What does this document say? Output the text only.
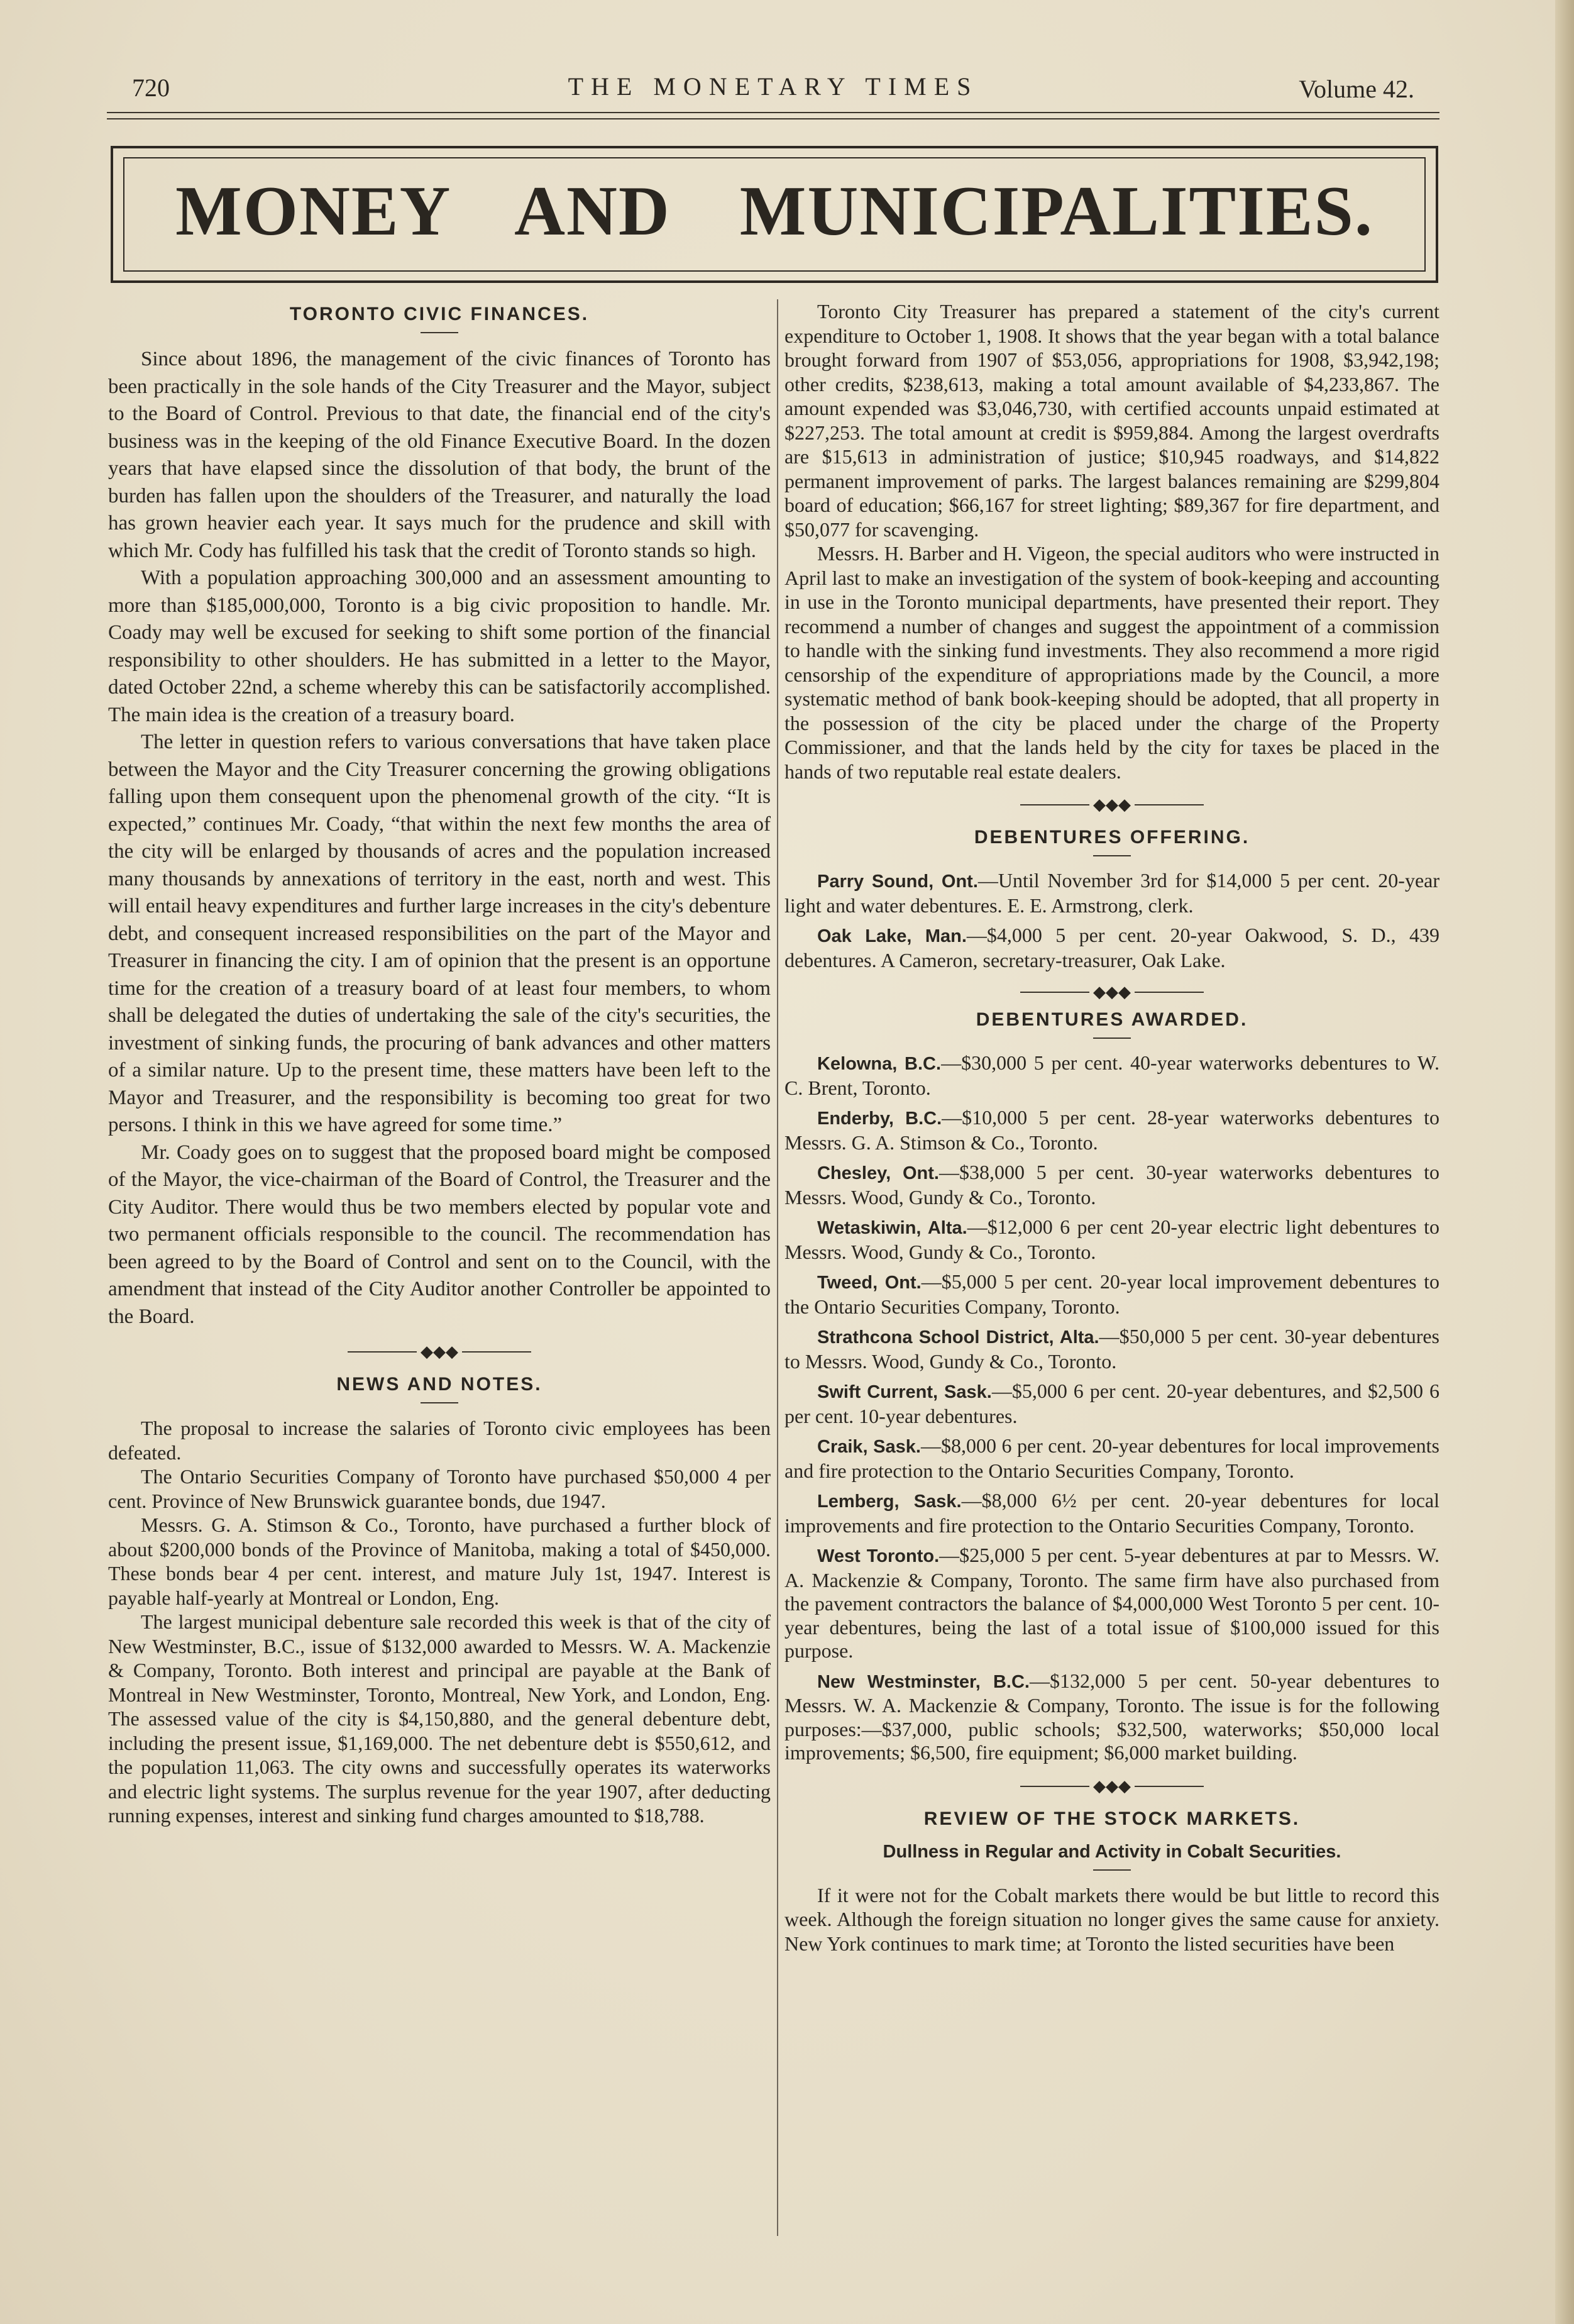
720	THE MONETARY TIMES	Volume 42.
MONEY AND MUNICIPALITIES.
TORONTO CIVIC FINANCES.

Since about 1896, the management of the civic finances of Toronto has been practically in the sole hands of the City Treasurer and the Mayor, subject to the Board of Control. Previous to that date, the financial end of the city's business was in the keeping of the old Finance Executive Board. In the dozen years that have elapsed since the dissolution of that body, the brunt of the burden has fallen upon the shoulders of the Treasurer, and naturally the load has grown heavier each year. It says much for the prudence and skill with which Mr. Cody has fulfilled his task that the credit of Toronto stands so high.

With a population approaching 300,000 and an assessment amounting to more than $185,000,000, Toronto is a big civic proposition to handle. Mr. Coady may well be excused for seeking to shift some portion of the financial responsibility to other shoulders. He has submitted in a letter to the Mayor, dated October 22nd, a scheme whereby this can be satisfactorily accomplished. The main idea is the creation of a treasury board.

The letter in question refers to various conversations that have taken place between the Mayor and the City Treasurer concerning the growing obligations falling upon them consequent upon the phenomenal growth of the city. “It is expected,” continues Mr. Coady, “that within the next few months the area of the city will be enlarged by thousands of acres and the population increased many thousands by annexations of territory in the east, north and west. This will entail heavy expenditures and further large increases in the city's debenture debt, and consequent increased responsibilities on the part of the Mayor and Treasurer in financing the city. I am of opinion that the present is an opportune time for the creation of a treasury board of at least four members, to whom shall be delegated the duties of undertaking the sale of the city's securities, the investment of sinking funds, the procuring of bank advances and other matters of a similar nature. Up to the present time, these matters have been left to the Mayor and Treasurer, and the responsibility is becoming too great for two persons. I think in this we have agreed for some time.”

Mr. Coady goes on to suggest that the proposed board might be composed of the Mayor, the vice-chairman of the Board of Control, the Treasurer and the City Auditor. There would thus be two members elected by popular vote and two permanent officials responsible to the council. The recommendation has been agreed to by the Board of Control and sent on to the Council, with the amendment that instead of the City Auditor another Controller be appointed to the Board.

◆◆◆
NEWS AND NOTES.

The proposal to increase the salaries of Toronto civic employees has been defeated.

The Ontario Securities Company of Toronto have purchased $50,000 4 per cent. Province of New Brunswick guarantee bonds, due 1947.

Messrs. G. A. Stimson & Co., Toronto, have purchased a further block of about $200,000 bonds of the Province of Manitoba, making a total of $450,000. These bonds bear 4 per cent. interest, and mature July 1st, 1947. Interest is payable half-yearly at Montreal or London, Eng.

The largest municipal debenture sale recorded this week is that of the city of New Westminster, B.C., issue of $132,000 awarded to Messrs. W. A. Mackenzie & Company, Toronto. Both interest and principal are payable at the Bank of Montreal in New Westminster, Toronto, Montreal, New York, and London, Eng. The assessed value of the city is $4,150,880, and the general debenture debt, including the present issue, $1,169,000. The net debenture debt is $550,612, and the population 11,063. The city owns and successfully operates its waterworks and electric light systems. The surplus revenue for the year 1907, after deducting running expenses, interest and sinking fund charges amounted to $18,788.

Toronto City Treasurer has prepared a statement of the city's current expenditure to October 1, 1908. It shows that the year began with a total balance brought forward from 1907 of $53,056, appropriations for 1908, $3,942,198; other credits, $238,613, making a total amount available of $4,233,867. The amount expended was $3,046,730, with certified accounts unpaid estimated at $227,253. The total amount at credit is $959,884. Among the largest overdrafts are $15,613 in administration of justice; $10,945 roadways, and $14,822 permanent improvement of parks. The largest balances remaining are $299,804 board of education; $66,167 for street lighting; $89,367 for fire department, and $50,077 for scavenging.

Messrs. H. Barber and H. Vigeon, the special auditors who were instructed in April last to make an investigation of the system of book-keeping and accounting in use in the Toronto municipal departments, have presented their report. They recommend a number of changes and suggest the appointment of a commission to handle with the sinking fund investments. They also recommend a more rigid censorship of the expenditure of appropriations made by the Council, a more systematic method of bank book-keeping should be adopted, that all property in the possession of the city be placed under the charge of the Property Commissioner, and that the lands held by the city for taxes be placed in the hands of two reputable real estate dealers.

◆◆◆
DEBENTURES OFFERING.

Parry Sound, Ont.—Until November 3rd for $14,000 5 per cent. 20-year light and water debentures. E. E. Armstrong, clerk.

Oak Lake, Man.—$4,000 5 per cent. 20-year Oakwood, S. D., 439 debentures. A Cameron, secretary-treasurer, Oak Lake.

◆◆◆
DEBENTURES AWARDED.

Kelowna, B.C.—$30,000 5 per cent. 40-year waterworks debentures to W. C. Brent, Toronto.

Enderby, B.C.—$10,000 5 per cent. 28-year waterworks debentures to Messrs. G. A. Stimson & Co., Toronto.

Chesley, Ont.—$38,000 5 per cent. 30-year waterworks debentures to Messrs. Wood, Gundy & Co., Toronto.

Wetaskiwin, Alta.—$12,000 6 per cent 20-year electric light debentures to Messrs. Wood, Gundy & Co., Toronto.

Tweed, Ont.—$5,000 5 per cent. 20-year local improvement debentures to the Ontario Securities Company, Toronto.

Strathcona School District, Alta.—$50,000 5 per cent. 30-year debentures to Messrs. Wood, Gundy & Co., Toronto.

Swift Current, Sask.—$5,000 6 per cent. 20-year debentures, and $2,500 6 per cent. 10-year debentures.

Craik, Sask.—$8,000 6 per cent. 20-year debentures for local improvements and fire protection to the Ontario Securities Company, Toronto.

Lemberg, Sask.—$8,000 6½ per cent. 20-year debentures for local improvements and fire protection to the Ontario Securities Company, Toronto.

West Toronto.—$25,000 5 per cent. 5-year debentures at par to Messrs. W. A. Mackenzie & Company, Toronto. The same firm have also purchased from the pavement contractors the balance of $4,000,000 West Toronto 5 per cent. 10-year debentures, being the last of a total issue of $100,000 issued for this purpose.

New Westminster, B.C.—$132,000 5 per cent. 50-year debentures to Messrs. W. A. Mackenzie & Company, Toronto. The issue is for the following purposes:—$37,000, public schools; $32,500, waterworks; $50,000 local improvements; $6,500, fire equipment; $6,000 market building.

◆◆◆
REVIEW OF THE STOCK MARKETS.
Dullness in Regular and Activity in Cobalt Securities.

If it were not for the Cobalt markets there would be but little to record this week. Although the foreign situation no longer gives the same cause for anxiety. New York continues to mark time; at Toronto the listed securities have been
